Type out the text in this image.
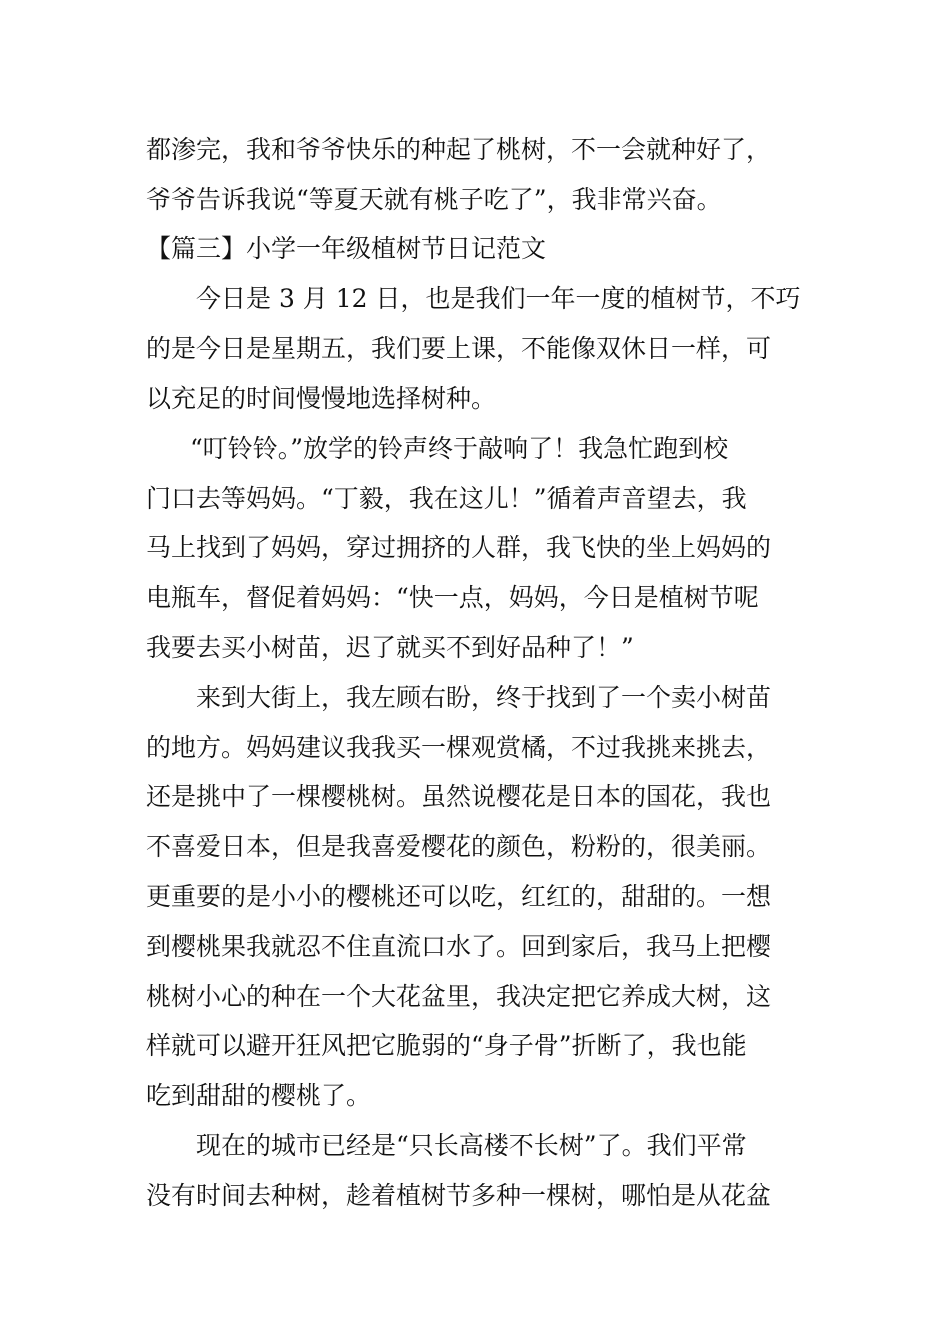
都渗完，我和爷爷快乐的种起了桃树，不一会就种好了，
爷爷告诉我说“等夏天就有桃子吃了”，我非常兴奋。
【篇三】小学一年级植树节日记范文
今日是 3 月 12 日，也是我们一年一度的植树节，不巧
的是今日是星期五，我们要上课，不能像双休日一样，可
以充足的时间慢慢地选择树种。
“叮铃铃。”放学的铃声终于敲响了！我急忙跑到校
门口去等妈妈。“丁毅，我在这儿！”循着声音望去，我
马上找到了妈妈，穿过拥挤的人群，我飞快的坐上妈妈的
电瓶车，督促着妈妈：“快一点，妈妈，今日是植树节呢
我要去买小树苗，迟了就买不到好品种了！”
来到大街上，我左顾右盼，终于找到了一个卖小树苗
的地方。妈妈建议我我买一棵观赏橘，不过我挑来挑去，
还是挑中了一棵樱桃树。虽然说樱花是日本的国花，我也
不喜爱日本，但是我喜爱樱花的颜色，粉粉的，很美丽。
更重要的是小小的樱桃还可以吃，红红的，甜甜的。一想
到樱桃果我就忍不住直流口水了。回到家后，我马上把樱
桃树小心的种在一个大花盆里，我决定把它养成大树，这
样就可以避开狂风把它脆弱的“身子骨”折断了，我也能
吃到甜甜的樱桃了。
现在的城市已经是“只长高楼不长树”了。我们平常
没有时间去种树，趁着植树节多种一棵树，哪怕是从花盆
